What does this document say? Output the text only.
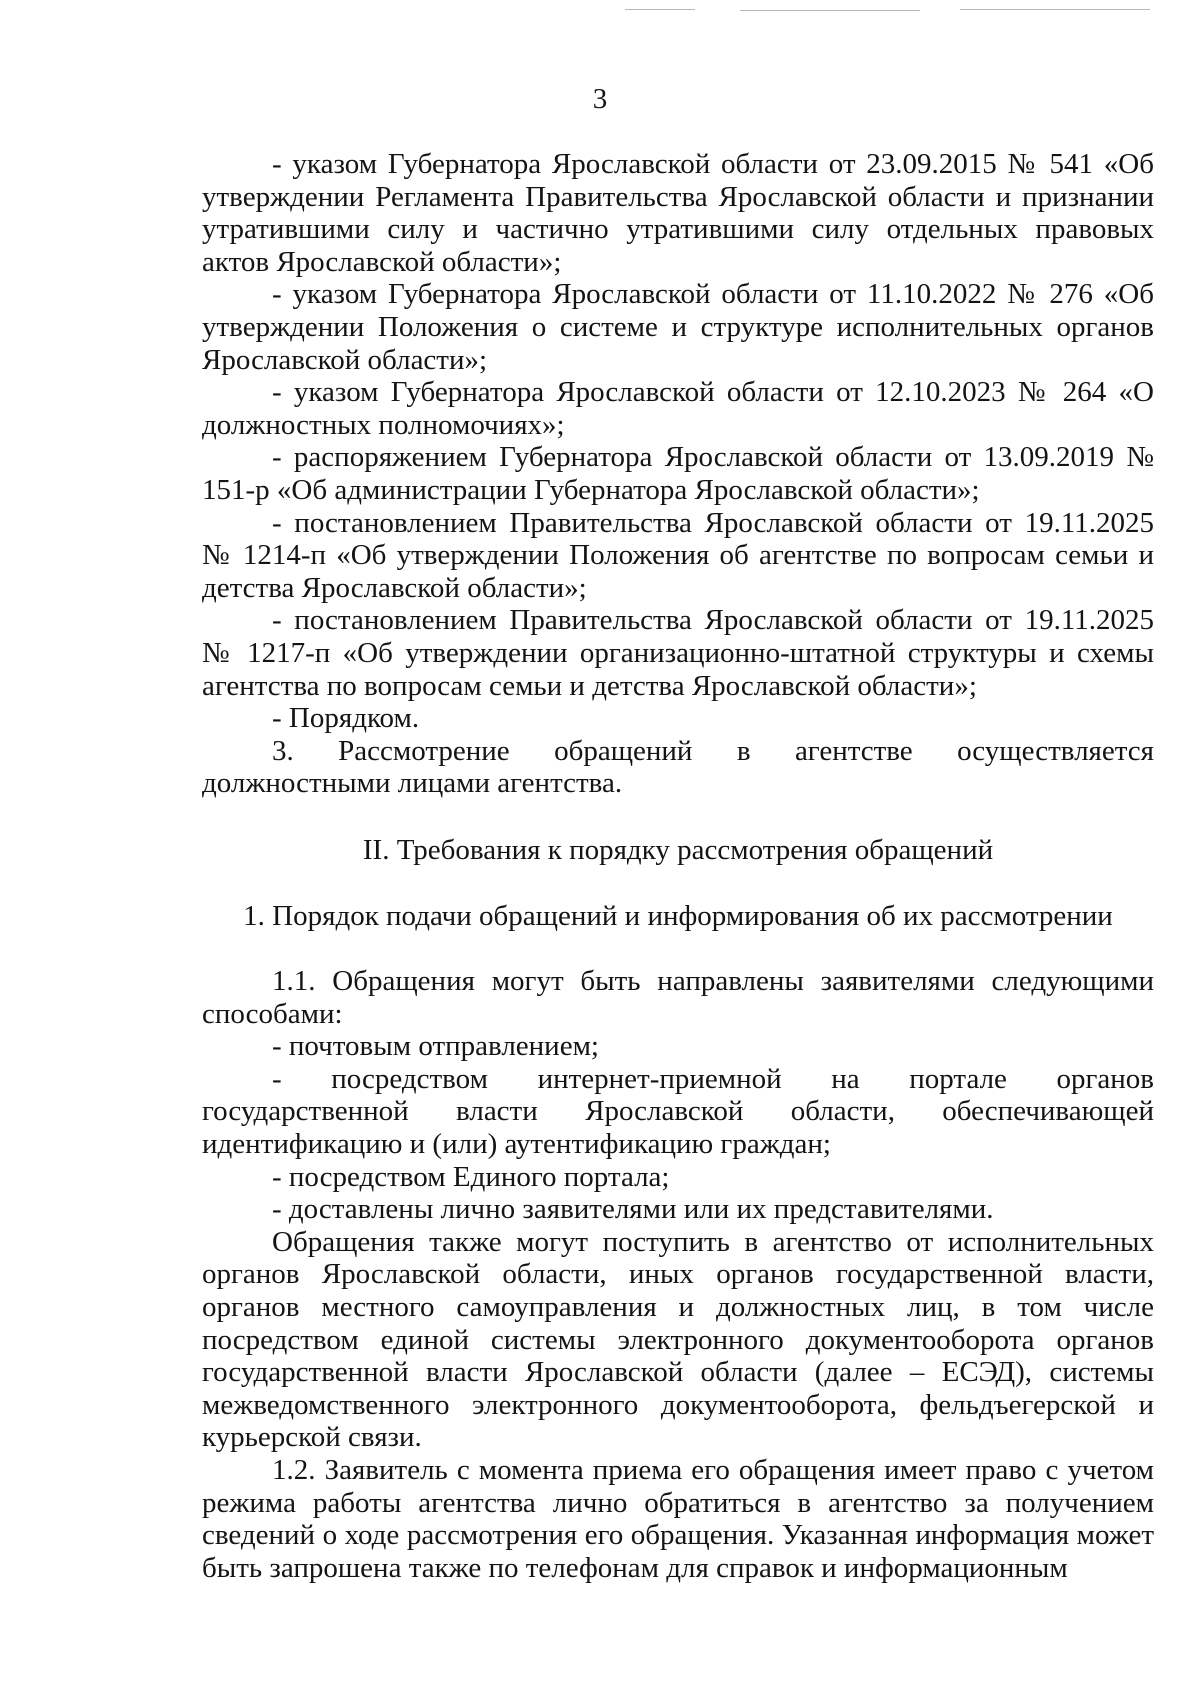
3

- указом Губернатора Ярославской области от 23.09.2015 № 541 «Об утверждении Регламента Правительства Ярославской области и признании утратившими силу и частично утратившими силу отдельных правовых актов Ярославской области»;

- указом Губернатора Ярославской области от 11.10.2022 № 276 «Об утверждении Положения о системе и структуре исполнительных органов Ярославской области»;

- указом Губернатора Ярославской области от 12.10.2023 № 264 «О должностных полномочиях»;

- распоряжением Губернатора Ярославской области от 13.09.2019 № 151-р «Об администрации Губернатора Ярославской области»;

- постановлением Правительства Ярославской области от 19.11.2025 № 1214-п «Об утверждении Положения об агентстве по вопросам семьи и детства Ярославской области»;

- постановлением Правительства Ярославской области от 19.11.2025 № 1217-п «Об утверждении организационно-штатной структуры и схемы агентства по вопросам семьи и детства Ярославской области»;

- Порядком.

3. Рассмотрение обращений в агентстве осуществляется должностными лицами агентства.

II. Требования к порядку рассмотрения обращений

1. Порядок подачи обращений и информирования об их рассмотрении

1.1. Обращения могут быть направлены заявителями следующими способами:

- почтовым отправлением;

- посредством интернет-приемной на портале органов государственной власти Ярославской области, обеспечивающей идентификацию и (или) аутентификацию граждан;

- посредством Единого портала;

- доставлены лично заявителями или их представителями.

Обращения также могут поступить в агентство от исполнительных органов Ярославской области, иных органов государственной власти, органов местного самоуправления и должностных лиц, в том числе посредством единой системы электронного документооборота органов государственной власти Ярославской области (далее – ЕСЭД), системы межведомственного электронного документооборота, фельдъегерской и курьерской связи.

1.2. Заявитель с момента приема его обращения имеет право с учетом режима работы агентства лично обратиться в агентство за получением сведений о ходе рассмотрения его обращения. Указанная информация может быть запрошена также по телефонам для справок и информационным
